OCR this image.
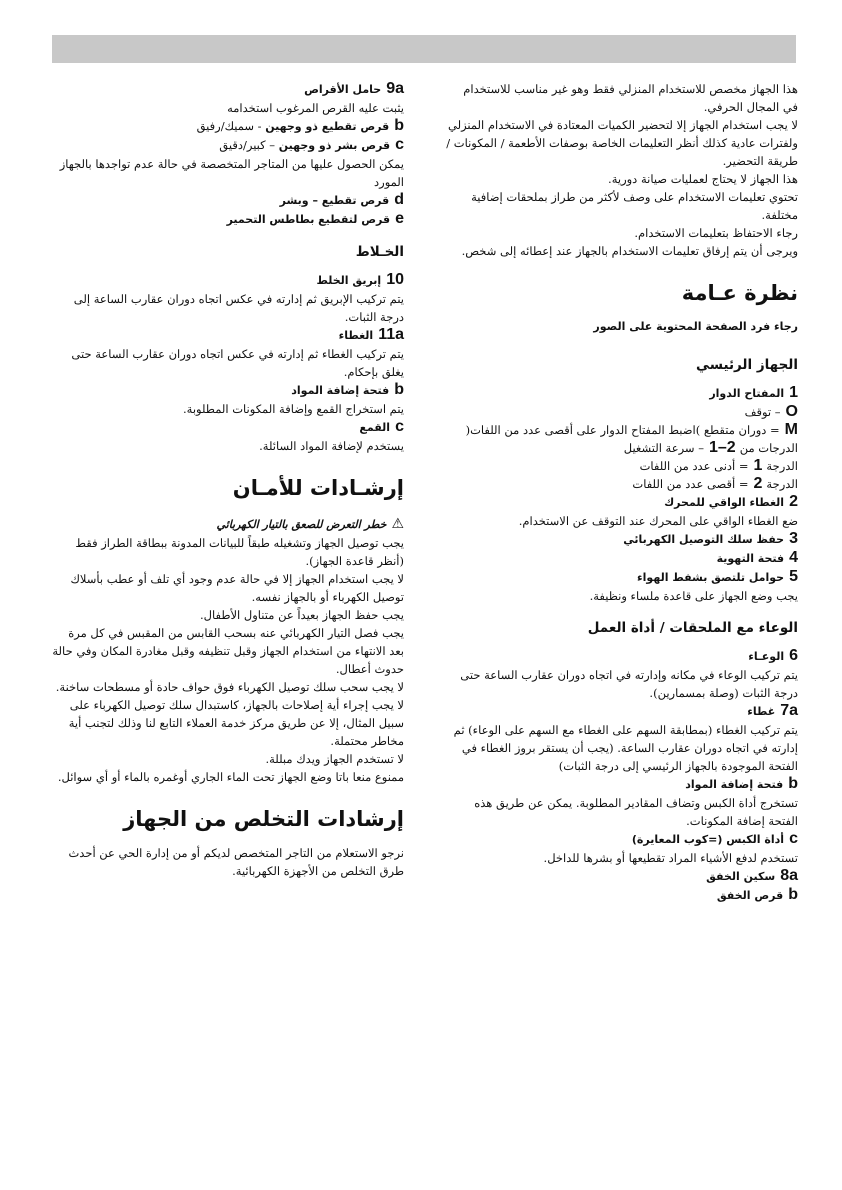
هذا الجهاز مخصص للاستخدام المنزلي فقط وهو غير مناسب للاستخدام في المجال الحرفي.

لا يجب استخدام الجهاز إلا لتحضير الكميات المعتادة في الاستخدام المنزلي ولفترات عادية كذلك أنظر التعليمات الخاصة بوصفات الأطعمة / المكونات / طريقة التحضير.

هذا الجهاز لا يحتاج لعمليات صيانة دورية.

تحتوي تعليمات الاستخدام على وصف لأكثر من طراز بملحقات إضافية مختلفة.

رجاء الاحتفاظ بتعليمات الاستخدام.

ويرجى أن يتم إرفاق تعليمات الاستخدام بالجهاز عند إعطائه إلى شخص.

نظرة عـامة
رجاء فرد الصفحة المحتوية على الصور
الجهاز الرئيسي
1المفتاح الدوار
O– توقف
M= دوران متقطع )اضبط المفتاح الدوار على أقصى عدد من اللفات(
الدرجات من1–2– سرعة التشغيل
الدرجة1= أدنى عدد من اللفات
الدرجة2= أقصى عدد من اللفات
2الغطاء الواقي للمحرك

ضع الغطاء الواقي على المحرك عند التوقف عن الاستخدام.

3حفظ سلك التوصيل الكهربائي
4فتحة التهوية
5حوامل تلتصق بشفط الهواء

يجب وضع الجهاز على قاعدة ملساء ونظيفة.

الوعاء مع الملحقات / أداة العمل
6الوعـاء

يتم تركيب الوعاء في مكانه وإدارته في اتجاه دوران عقارب الساعة حتى درجة الثبات (وصلة بمسمارين).

7aغطاء

يتم تركيب الغطاء (بمطابقة السهم على الغطاء مع السهم على الوعاء) ثم إدارته في اتجاه دوران عقارب الساعة. (يجب أن يستقر بروز الغطاء في الفتحة الموجودة بالجهاز الرئيسي إلى درجة الثبات)

bفتحة إضافة المواد

تستخرج أداة الكبس وتضاف المقادير المطلوبة. يمكن عن طريق هذه الفتحة إضافة المكونات.

cأداة الكبس (=كوب المعايرة)

تستخدم لدفع الأشياء المراد تقطيعها أو بشرها للداخل.

8aسكين الخفق
bقرص الخفق
9aحامل الأقراص

يثبت عليه القرص المرغوب استخدامه

bقرص تقطيع ذو وجهين - سميك/رفيق
cقرص بشر ذو وجهين – كبير/دقيق

يمكن الحصول عليها من المتاجر المتخصصة في حالة عدم تواجدها بالجهاز المورد

dقرص تقطيع – وبشر
eقرص لتقطيع بطاطس التحمير
الخـلاط
10إبريق الخلط

يتم تركيب الإبريق ثم إدارته في عكس اتجاه دوران عقارب الساعة إلى درجة الثبات.

11aالغطاء

يتم تركيب الغطاء ثم إدارته في عكس اتجاه دوران عقارب الساعة حتى يغلق بإحكام.

bفتحة إضافة المواد

يتم استخراج القمع وإضافة المكونات المطلوبة.

cالقمع

يستخدم لإضافة المواد السائلة.

إرشـادات للأمـان
⚠خطر التعرض للصعق بالتيار الكهربائي

يجب توصيل الجهاز وتشغيله طبقاً للبيانات المدونة ببطاقة الطراز فقط (أنظر قاعدة الجهاز).

لا يجب استخدام الجهاز إلا في حالة عدم وجود أي تلف أو عطب بأسلاك توصيل الكهرباء أو بالجهاز نفسه.

يجب حفظ الجهاز بعيداً عن متناول الأطفال.

يجب فصل التيار الكهربائي عنه بسحب القابس من المقبس في كل مرة بعد الانتهاء من استخدام الجهاز وقبل تنظيفه وقبل مغادرة المكان وفي حالة حدوث أعطال.

لا يجب سحب سلك توصيل الكهرباء فوق حواف حادة أو مسطحات ساخنة.

لا يجب إجراء أية إصلاحات بالجهاز، كاستبدال سلك توصيل الكهرباء على سبيل المثال، إلا عن طريق مركز خدمة العملاء التابع لنا وذلك لتجنب أية مخاطر محتملة.

لا تستخدم الجهاز ويدك مبللة.

ممنوع منعا باتا وضع الجهاز تحت الماء الجاري أوغمره بالماء أو أي سوائل.

إرشادات التخلص من الجهاز

نرجو الاستعلام من التاجر المتخصص لديكم أو من إدارة الحي عن أحدث طرق التخلص من الأجهزة الكهربائية.
